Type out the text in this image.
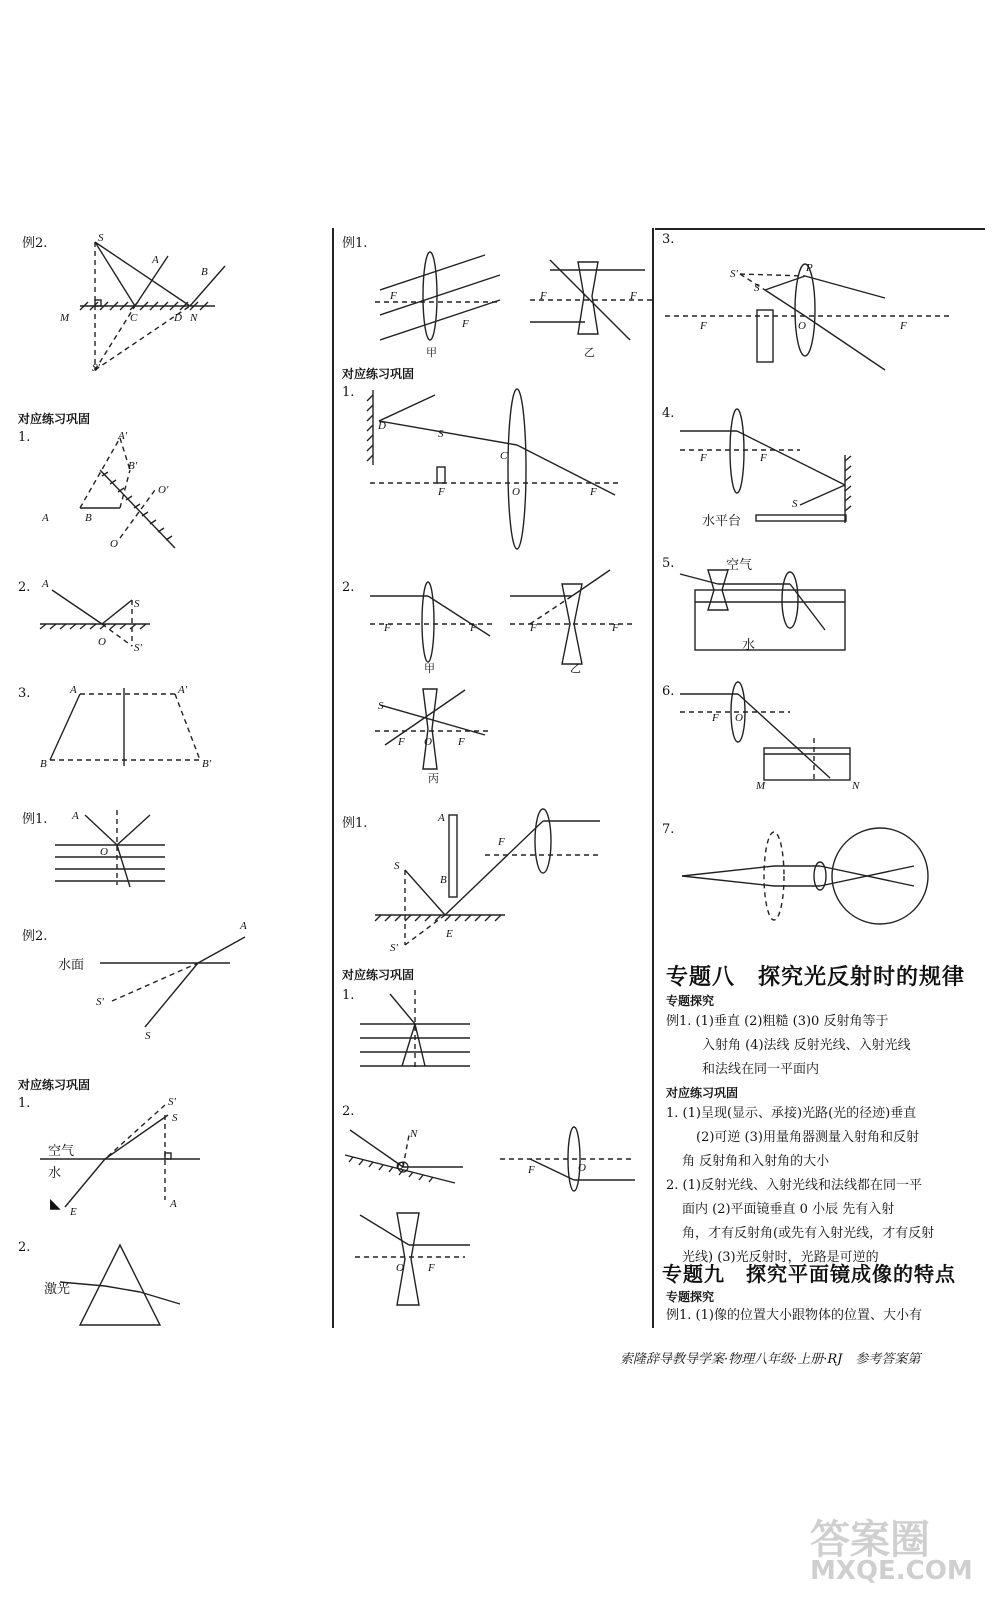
例2.	S
A
B
M	C	D N
S'
对应练习巩固
1.	A'
B'
O'
A	B
O
2. A
S
O	S'
3.	A	A'
B	B'
例1. A
O
例2.
水面
A
S'
S
对应练习巩固
1.
空气
水
S'
S
A
E
◣
2.
激光
例1.
F
F
甲
F	F
乙
对应练习巩固
1.
D
S
C
F	O	F
2.
F	F
甲
F	F
乙
S
F O F
丙
例1.	A
F
S
B
E
S'
对应练习巩固
1.
2.
N
O	F	O
O F
3.
S'	P
S
F	O	F
4.
F	F
S
水平台
5.	空气
水
6.
F O
M	N
7.
专题八　探究光反射时的规律
专题探究
例1. (1)垂直 (2)粗糙 (3)0 反射角等于
入射角 (4)法线 反射光线、入射光线
和法线在同一平面内
对应练习巩固
1. (1)呈现(显示、承接)光路(光的径迹)垂直
(2)可逆 (3)用量角器测量入射角和反射
角 反射角和入射角的大小
2. (1)反射光线、入射光线和法线都在同一平
面内 (2)平面镜垂直 0 小辰 先有入射
角，才有反射角(或先有入射光线，才有反射
光线) (3)光反射时，光路是可逆的
专题九　探究平面镜成像的特点
专题探究
例1. (1)像的位置大小跟物体的位置、大小有
索隆辞导教导学案·物理八年级·上册·RJ　参考答案第
答案圈
MXQE.COM
